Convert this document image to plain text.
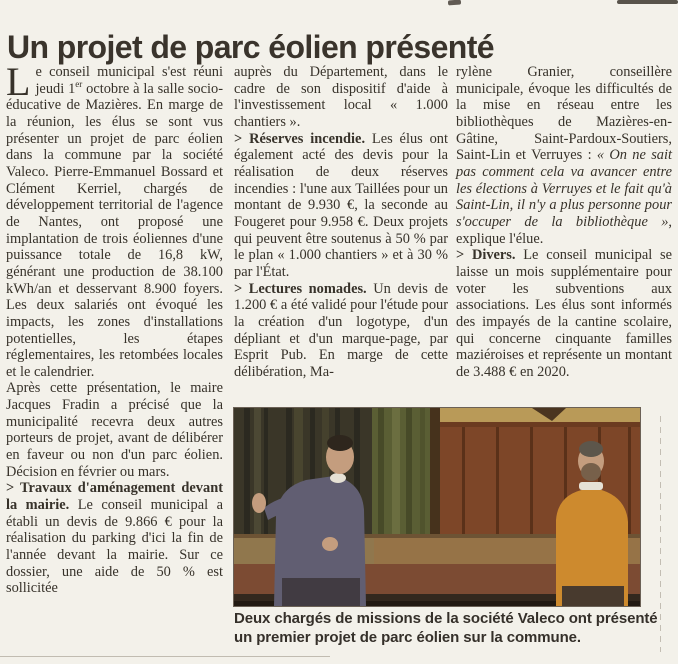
Un projet de parc éolien présenté

Le conseil municipal s'est réuni jeudi 1er octobre à la salle socio-éducative de Mazières. En marge de la réunion, les élus se sont vus présenter un projet de parc éolien dans la commune par la société Valeco. Pierre-Emmanuel Bossard et Clément Kerriel, chargés de développement territorial de l'agence de Nantes, ont proposé une implantation de trois éoliennes d'une puissance totale de 16,8 kW, générant une production de 38.100 kWh/an et desservant 8.900 foyers. Les deux salariés ont évoqué les impacts, les zones d'installations potentielles, les étapes réglementaires, les retombées locales et le calendrier.

Après cette présentation, le maire Jacques Fradin a précisé que la municipalité recevra deux autres porteurs de projet, avant de délibérer en faveur ou non d'un parc éolien. Décision en février ou mars.

> Travaux d'aménagement devant la mairie. Le conseil municipal a établi un devis de 9.866 € pour la réalisation du parking d'ici la fin de l'année devant la mairie. Sur ce dossier, une aide de 50 % est sollicitée

auprès du Département, dans le cadre de son dispositif d'aide à l'investissement local « 1.000 chantiers ».

> Réserves incendie. Les élus ont également acté des devis pour la réalisation de deux réserves incendies : l'une aux Taillées pour un montant de 9.930 €, la seconde au Fougeret pour 9.958 €. Deux projets qui peuvent être soutenus à 50 % par le plan « 1.000 chantiers » et à 30 % par l'État.

> Lectures nomades. Un devis de 1.200 € a été validé pour l'étude pour la création d'un logotype, d'un dépliant et d'un marque-page, par Esprit Pub. En marge de cette délibération, Ma-

rylène Granier, conseillère municipale, évoque les difficultés de la mise en réseau entre les bibliothèques de Mazières-en-Gâtine, Saint-Pardoux-Soutiers, Saint-Lin et Verruyes : « On ne sait pas comment cela va avancer entre les élections à Verruyes et le fait qu'à Saint-Lin, il n'y a plus personne pour s'occuper de la bibliothèque », explique l'élue.

> Divers. Le conseil municipal se laisse un mois supplémentaire pour voter les subventions aux associations. Les élus sont informés des impayés de la cantine scolaire, qui concerne cinquante familles maziéroises et représente un montant de 3.488 € en 2020.

Deux chargés de missions de la société Valeco ont présenté un premier projet de parc éolien sur la commune.
